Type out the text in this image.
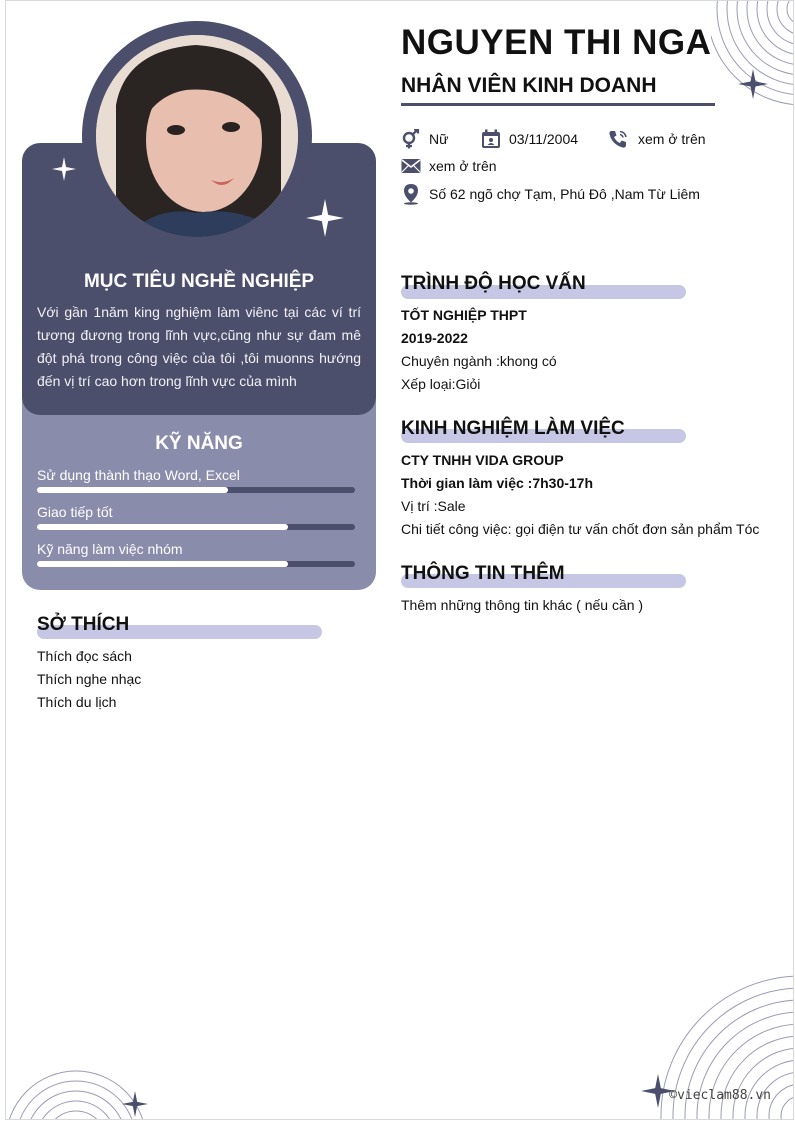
MỤC TIÊU NGHỀ NGHIỆP
Với gần 1năm king nghiệm làm viênc tại các ví trí tương đương trong lĩnh vực,cũng như sự đam mê đột phá trong công việc của tôi ,tôi muonns hướng đến vị trí cao hơn trong lĩnh vực của mình
KỸ NĂNG
Sử dụng thành thạo Word, Excel
Giao tiếp tốt
Kỹ năng làm việc nhóm
SỞ THÍCH
Thích đọc sách
Thích nghe nhạc
Thích du lịch
NGUYEN THI NGA
NHÂN VIÊN KINH DOANH
Nữ	03/11/2004	xem ở trên
xem ở trên
Số 62 ngõ chợ Tạm, Phú Đô ,Nam Từ Liêm
TRÌNH ĐỘ HỌC VẤN
TỐT NGHIỆP THPT
2019-2022
Chuyên ngành :khong có
Xếp loại:Giỏi
KINH NGHIỆM LÀM VIỆC
CTY TNHH VIDA GROUP
Thời gian làm việc :7h30-17h
Vị trí :Sale
Chi tiết công việc: gọi điện tư vấn chốt đơn sản phẩm Tóc
THÔNG TIN THÊM
Thêm những thông tin khác ( nếu cần )
©vieclam88.vn
